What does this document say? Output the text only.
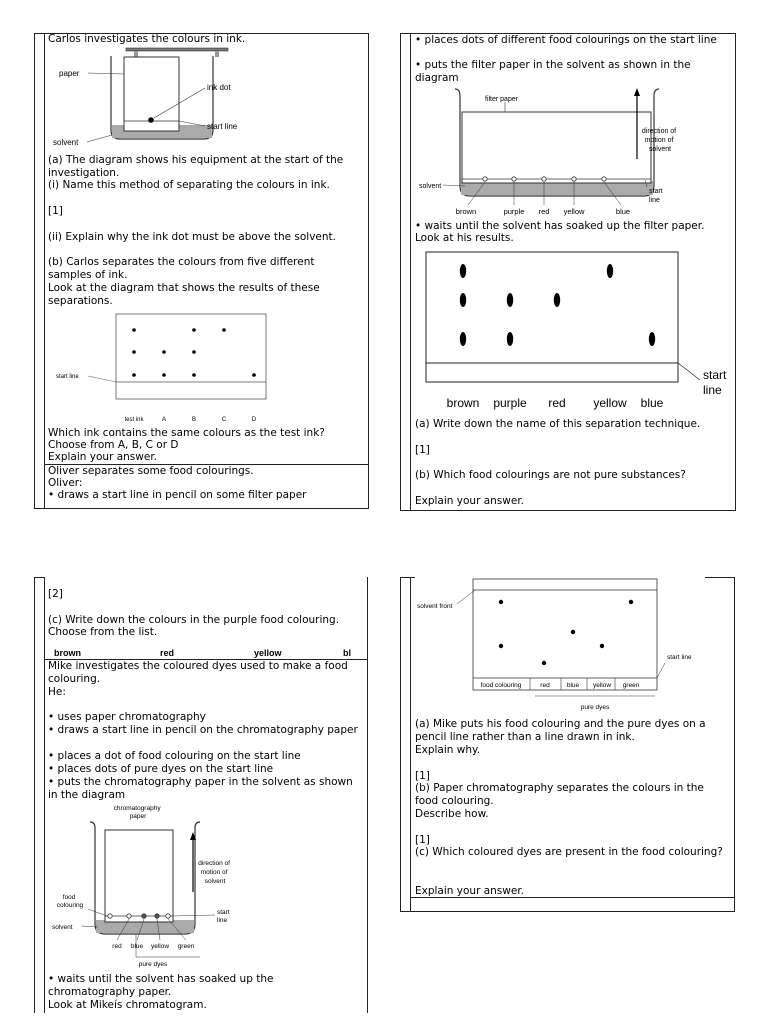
Carlos investigates the colours in ink.
paper
ink dot
start line
solvent
(a) The diagram shows his equipment at the start of the investigation.
(i) Name this method of separating the colours in ink.
[1]
(ii) Explain why the ink dot must be above the solvent.
(b) Carlos separates the colours from five different samples of ink.
Look at the diagram that shows the results of these separations.
start line
test ink	A	B	C	D
Which ink contains the same colours as the test ink?
Choose from A, B, C or D
Explain your answer.
Oliver separates some food colourings.
Oliver:
• draws a start line in pencil on some filter paper
• places dots of different food colourings on the start line
• puts the filter paper in the solvent as shown in the diagram
filter paper
direction of motion of solvent
solvent
start line
brown	purple red yellow	blue
• waits until the solvent has soaked up the filter paper.
Look at his results.
start line
brown purple red yellow blue
(a) Write down the name of this separation technique.
[1]
(b) Which food colourings are not pure substances?
Explain your answer.
[2]
(c) Write down the colours in the purple food colouring.
Choose from the list.
brown	red	yellow	bl
Mike investigates the coloured dyes used to make a food colouring.
He:
• uses paper chromatography
• draws a start line in pencil on the chromatography paper
• places a dot of food colouring on the start line
• places dots of pure dyes on the start line
• puts the chromatography paper in the solvent as shown in the diagram
chromatography paper
direction of motion of solvent
food colouring
solvent
start line
red blue yellow green
pure dyes
• waits until the solvent has soaked up the chromatography paper.
Look at Mikeís chromatogram.
solvent front
start line
food colouring	red	blue yellow green
pure dyes
(a) Mike puts his food colouring and the pure dyes on a pencil line rather than a line drawn in ink.
Explain why.
[1]
(b) Paper chromatography separates the colours in the food colouring.
Describe how.
[1]
(c) Which coloured dyes are present in the food colouring?
Explain your answer.
